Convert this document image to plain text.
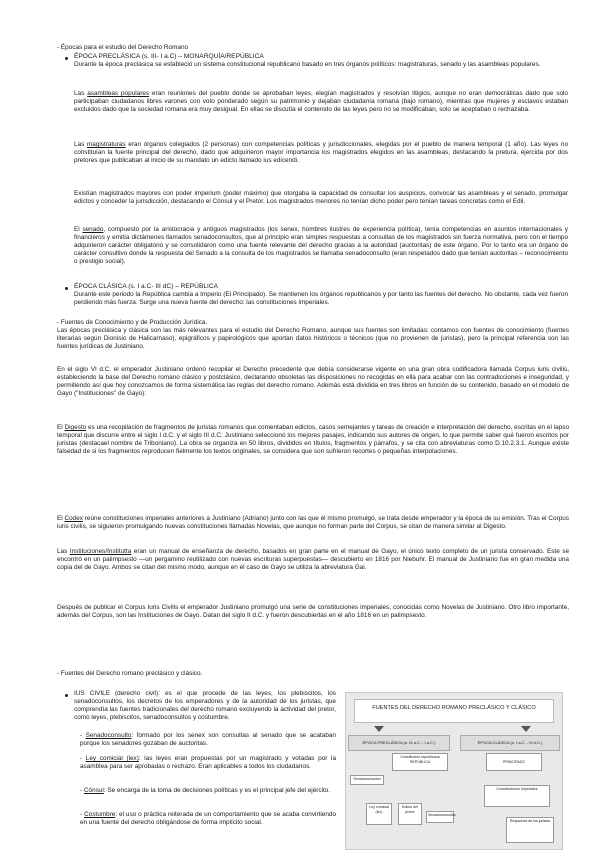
- Épocas para el estudio del Derecho Romano

ÉPOCA PRECLÁSICA (s. III- I a.C) – MONARQUÍA/REPÚBLICA

Durante la época preclásica se estableció un sistema constitucional republicano basado en tres órganos políticos: magistraturas, senado y las asambleas populares.

Las asambleas populares eran reuniones del pueblo donde se aprobaban leyes, elegían magistrados y resolvían litigios, aunque no eran democráticas dado que solo participaban ciudadanos libres varones con voto ponderado según su patrimonio y dejaban ciudadanía romana (bajo romano), mientras que mujeres y esclavos estaban excluidos dado que la sociedad romana era muy desigual. En ellas se discutía el contenido de las leyes pero no se modificaban, solo se aceptaban o rechazaba.

Las magistraturas eran órganos colegiados (2 personas) con competencias políticas y jurisdiccionales, elegidas por el pueblo de manera temporal (1 año). Las leyes no constituían la fuente principal del derecho, dado que adquirieron mayor importancia los magistrados elegidos en las asambleas, destacando la pretura, ejercida por dos pretores que publicaban al inicio de su mandato un edicto llamado ius edicendi.

Existían magistrados mayores con poder imperium (poder máximo) que otorgaba la capacidad de consultar los auspicios, convocar las asambleas y el senado, promulgar edictos y conceder la jurisdicción, destacando el Cónsul y el Pretor. Los magistrados menores no tenían dicho poder pero tenían tareas concretas como el Edil.

El senado, compuesto por la aristocracia y antiguos magistrados (los senex, hombres ilustres de experiencia política), tenía competencias en asuntos internacionales y financieros y emitía dictámenes llamados senadoconsultos, que al principio eran simples respuestas a consultas de los magistrados sin fuerza normativa, pero con el tiempo adquirieron carácter obligatorio y se consolidaron como una fuente relevante del derecho gracias a la autoridad (auctoritas) de este órgano. Por lo tanto era un órgano de carácter consultivo donde la respuesta del Senado a la consulta de los magistrados se llamaba senadoconsulto (eran respetados dado que tenían auctoritas – reconocimiento o prestigio social).

ÉPOCA CLÁSICA (s. I a.C- III dC) – REPÚBLICA

Durante este periodo la República cambia a Imperio (El Principado). Se mantienen los órganos republicanos y por tanto las fuentes del derecho. No obstante, cada vez fueron perdiendo más fuerza. Surge una nueva fuente del derecho: las constituciones imperiales.

- Fuentes de Conocimiento y de Producción Jurídica.

Las épocas preclásica y clásica son las más relevantes para el estudio del Derecho Romano, aunque sus fuentes son limitadas: contamos con fuentes de conocimiento (fuentes literarias según Dionisio de Halicarnaso), epigráficos y papirológicos que aportan datos históricos o técnicos (que no provienen de juristas), pero la principal referencia son las fuentes jurídicas de Justiniano.

En el siglo VI d.C. el emperador Justiniano ordenó recopilar el Derecho precedente que debía considerarse vigente en una gran obra codificadora llamada Corpus iuris civilis, estableciendo la base del Derecho romano clásico y postclásico, declarando obsoletas las disposiciones no recogidas en ella para acabar con las contradicciones e inseguridad, y permitiendo así que hoy conozcamos de forma sistemática las reglas del derecho romano. Además está dividida en tres libros en función de su contenido, basado en el modelo de Gayo ("Instituciones" de Gayo):

El Digesto es una recopilación de fragmentos de juristas romanos que comentaban edictos, casos semejantes y tareas de creación e interpretación del derecho, escritas en el lapso temporal que discurre entre el siglo I d.C. y el siglo III d.C. Justiniano seleccionó los mejores pasajes, indicando sus autores de origen, lo que permite saber qué fueron escritos por juristas (destacael nombre de Triboniano). La obra se organiza en 50 libros, divididos en títulos, fragmentos y párrafos, y se cita con abreviaturas como D.10.2.3.1. Aunque existe falsedad de si los fragmentos reproducen fielmente los textos originales, se considera que son sufrieron recortes o pequeñas interpolaciones.

El Codex reúne constituciones imperiales anteriores a Justiniano (Adriano) junto con las que él mismo promulgó, se trata desde emperador y la época de su emisión. Tras el Corpus iuris civilis, se siguieron promulgando nuevas constituciones llamadas Novelas, que aunque no forman parte del Corpus, se citan de manera similar al Digesto.

Las Instituciones/Institutta eran un manual de enseñanza de derecho, basados en gran parte en el manual de Gayo, el único texto completo de un jurista conservado. Este se encontró en un palimpsesto —un pergamino reutilizado con nuevas escrituras superpuestas— descubierto en 1816 por Niebuhr. El manual de Justiniano fue en gran medida una copia del de Gayo. Ambos se citan del mismo modo, aunque en el caso de Gayo se utiliza la abreviatura Gai.

Después de publicar el Corpus Iuris Civilis el emperador Justiniano promulgó una serie de constituciones imperiales, conocidas como Novelas de Justiniano. Otro libro importante, además del Corpus, son las Instituciones de Gayo. Datan del siglo II d.C. y fueron descubiertas en el año 1816 en un palimpsesto.

- Fuentes del Derecho romano preclásico y clásico.

IUS CIVILE (derecho civil): es el que procede de las leyes, los plebiscitos, los senadoconsultos, los decretos de los emperadores y de la autoridad de los juristas, que comprendía las fuentes tradicionales del derecho romano excluyendo la actividad del pretor, como leyes, plebiscitos, senadoconsultos y costumbre.

- Senadoconsulto: formado por los senex son consultas al senado que se acataban porque los senadores gozaban de auctoritas.

- Ley comicial (lex): las leyes eran propuestas por un magistrado y votadas por la asamblea para ser aprobadas o rechazo. Eran aplicables a todos los ciudadanos.

- Cónsul: Se encarga de la toma de decisiones políticas y es el principal jefe del ejército.

- Costumbre: el uso o práctica reiterada de un comportamiento que se acaba convirtiendo en una fuente del derecho obligándose de forma implícito social.

FUENTES DEL DERECHO ROMANO PRECLÁSICO Y CLÁSICO
ÉPOCA PRECLÁSICA (s. III a.C. - I a.C.)	ÉPOCA CLÁSICA (s. I a.C. - III d.C.)
Constitución republicana
REPÚBLICA	PRINCIPADO
Senadoconsultos
Ley comicial (lex)
Edicto del pretor
Senadoconsultos
Constituciones Imperiales
Respuesta de los juristas
